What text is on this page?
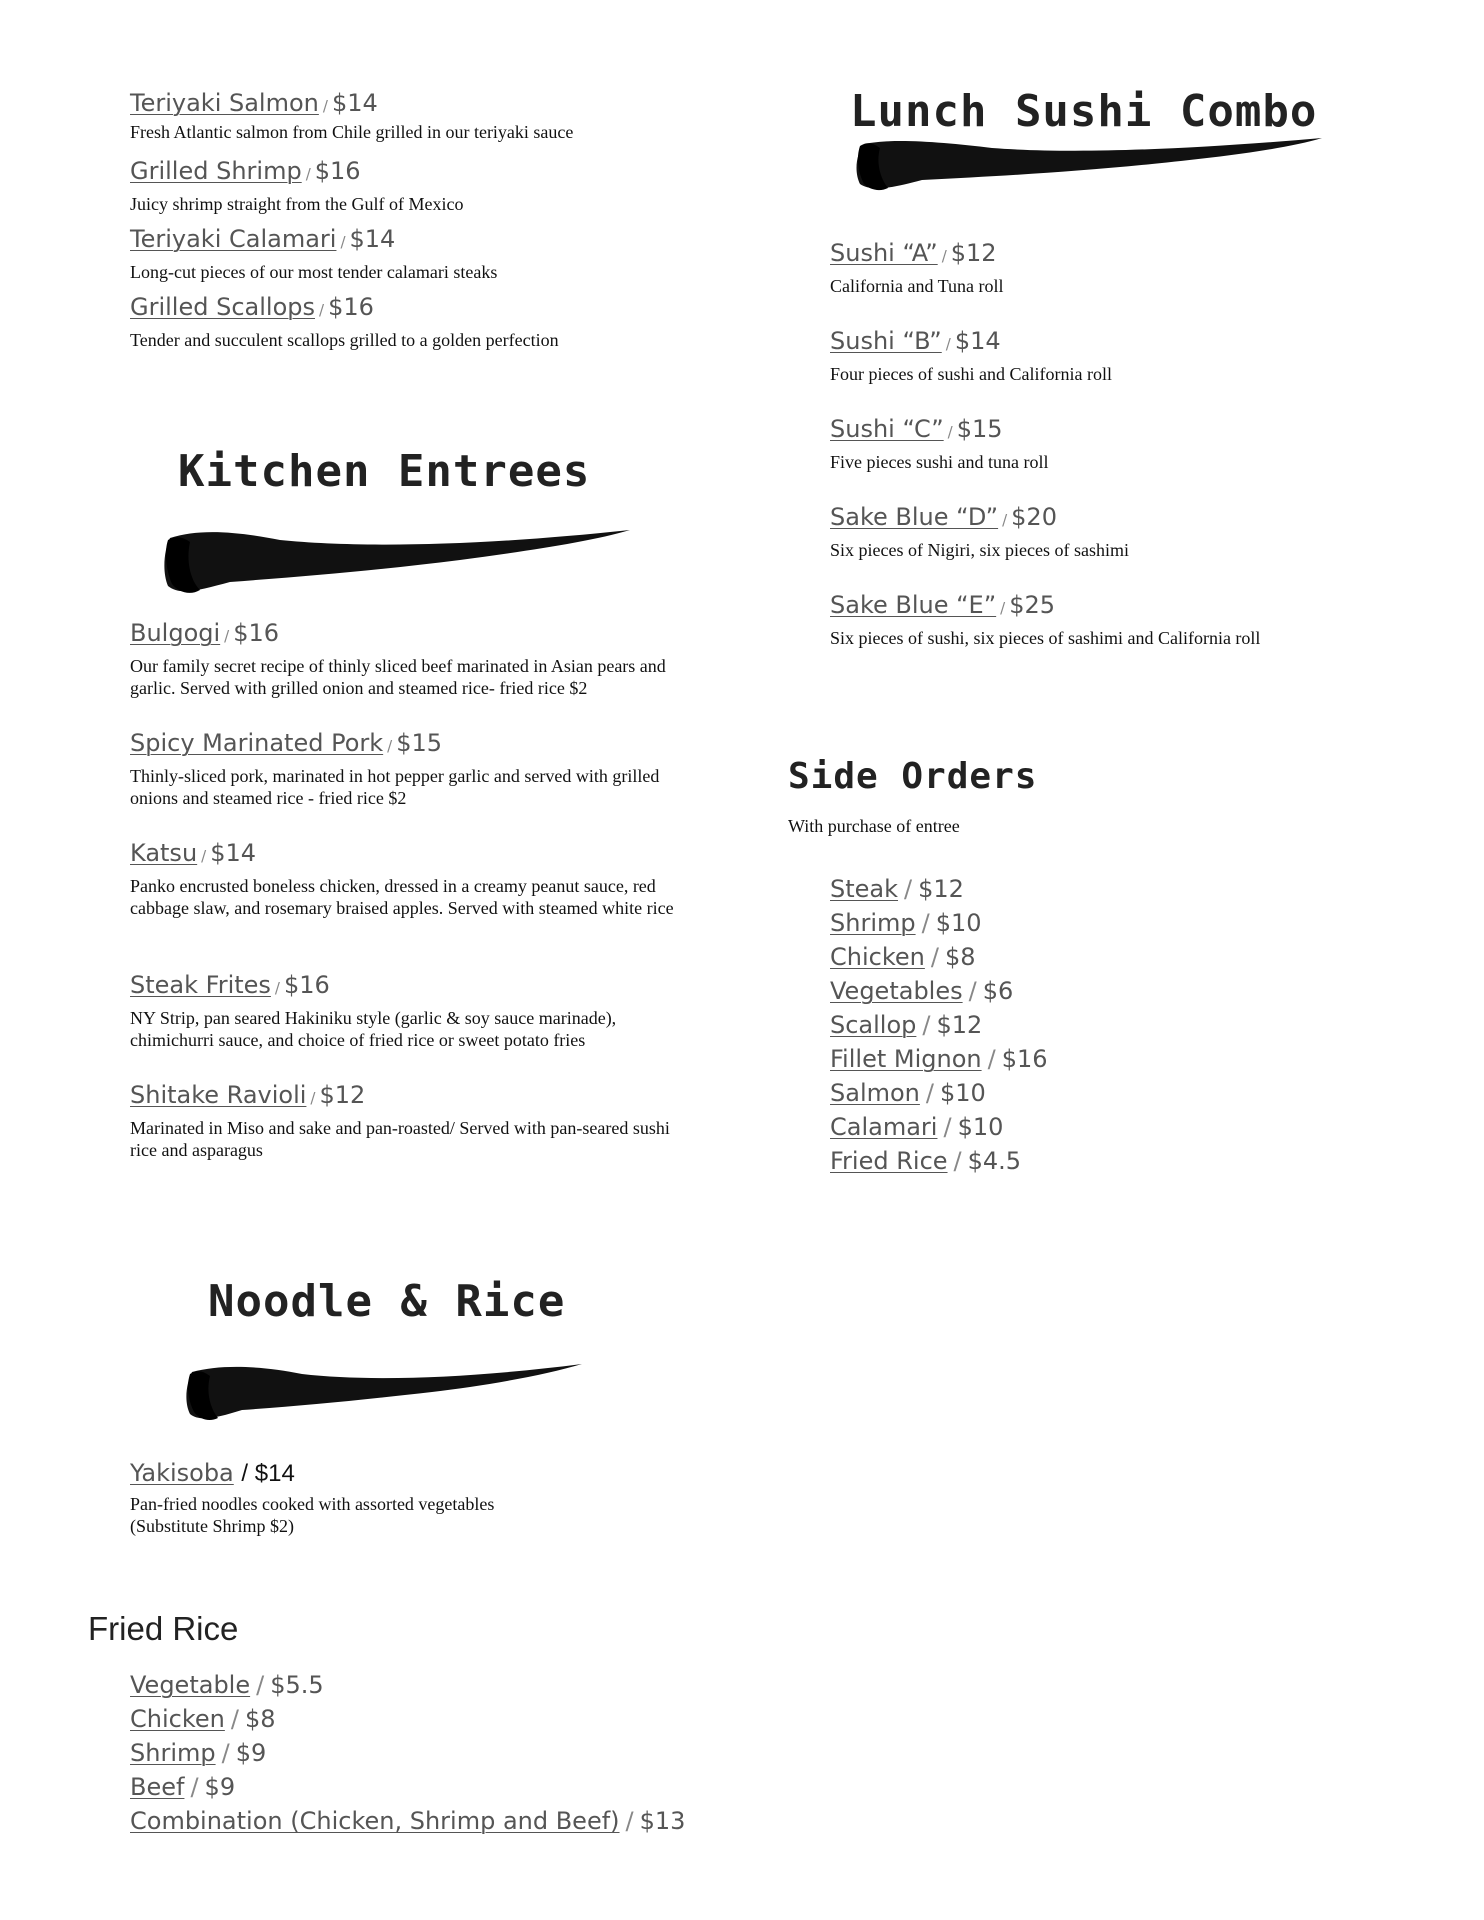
Teriyaki Salmon / $14
Fresh Atlantic salmon from Chile grilled in our teriyaki sauce
Grilled Shrimp / $16
Juicy shrimp straight from the Gulf of Mexico
Teriyaki Calamari / $14
Long-cut pieces of our most tender calamari steaks
Grilled Scallops / $16
Tender and succulent scallops grilled to a golden perfection
Kitchen Entrees
Bulgogi / $16
Our family secret recipe of thinly sliced beef marinated in Asian pears and garlic. Served with grilled onion and steamed rice- fried rice $2
Spicy Marinated Pork / $15
Thinly-sliced pork, marinated in hot pepper garlic and served with grilled onions and steamed rice - fried rice $2
Katsu / $14
Panko encrusted boneless chicken, dressed in a creamy peanut sauce, red cabbage slaw, and rosemary braised apples. Served with steamed white rice
Steak Frites / $16
NY Strip, pan seared Hakiniku style (garlic & soy sauce marinade), chimichurri sauce, and choice of fried rice or sweet potato fries
Shitake Ravioli / $12
Marinated in Miso and sake and pan-roasted/ Served with pan-seared sushi rice and asparagus
Noodle & Rice
Yakisoba / $14
Pan-fried noodles cooked with assorted vegetables
(Substitute Shrimp $2)
Fried Rice
Vegetable / $5.5
Chicken / $8
Shrimp / $9
Beef / $9
Combination (Chicken, Shrimp and Beef) / $13
Lunch Sushi Combo
Sushi “A” / $12
California and Tuna roll
Sushi “B” / $14
Four pieces of sushi and California roll
Sushi “C” / $15
Five pieces sushi and tuna roll
Sake Blue “D” / $20
Six pieces of Nigiri, six pieces of sashimi
Sake Blue “E” / $25
Six pieces of sushi, six pieces of sashimi and California roll
Side Orders
With purchase of entree
Steak / $12
Shrimp / $10
Chicken / $8
Vegetables / $6
Scallop / $12
Fillet Mignon / $16
Salmon / $10
Calamari / $10
Fried Rice / $4.5
